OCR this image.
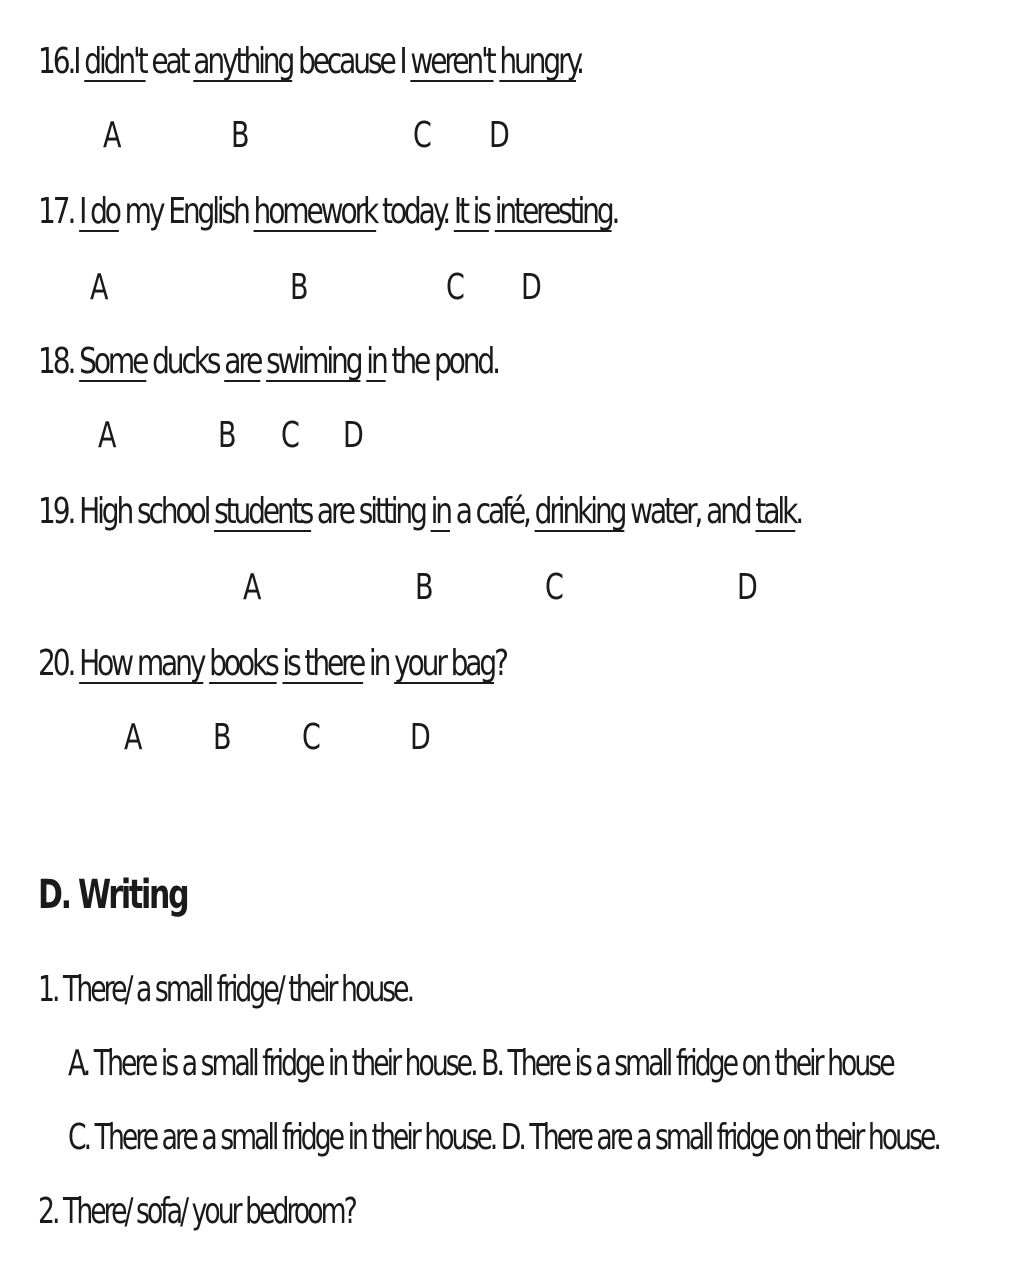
16.I didn't eat anything because I weren't hungry.
A	B	C D
17. I do my English homework today. It is interesting.
A	B	C D
18. Some ducks are swiming in the pond.
A	B C D
19. High school students are sitting in a café, drinking water, and talk.
A	B	C	D
20. How many books is there in your bag?
A B C D
D. Writing
1. There/ a small fridge/ their house.
A. There is a small fridge in their house. B. There is a small fridge on their house
C. There are a small fridge in their house. D. There are a small fridge on their house.
2. There/ sofa/ your bedroom?
